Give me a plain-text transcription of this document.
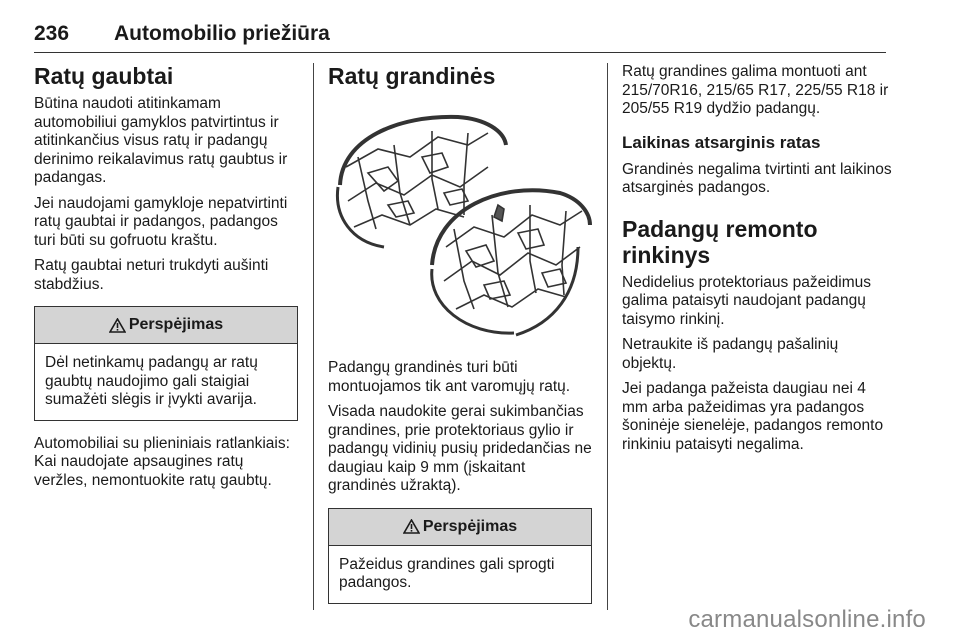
236 Automobilio priežiūra
Ratų gaubtai

Būtina naudoti atitinkamam automobiliui gamyklos patvirtintus ir atitinkančius visus ratų ir padangų derinimo reikalavimus ratų gaubtus ir padangas.

Jei naudojami gamykloje nepatvirtinti ratų gaubtai ir padangos, padangos turi būti su gofruotu kraštu.

Ratų gaubtai neturi trukdyti aušinti stabdžius.

Perspėjimas

Dėl netinkamų padangų ar ratų gaubtų naudojimo gali staigiai sumažėti slėgis ir įvykti avarija.

Automobiliai su plieniniais ratlankiais: Kai naudojate apsaugines ratų veržles, nemontuokite ratų gaubtų.

Ratų grandinės

Padangų grandinės turi būti montuojamos tik ant varomųjų ratų.

Visada naudokite gerai sukimbančias grandines, prie protektoriaus gylio ir padangų vidinių pusių pridedančias ne daugiau kaip 9 mm (įskaitant grandinės užraktą).

Perspėjimas

Pažeidus grandines gali sprogti padangos.

Ratų grandines galima montuoti ant 215/70R16, 215/65 R17, 225/55 R18 ir 205/55 R19 dydžio padangų.

Laikinas atsarginis ratas

Grandinės negalima tvirtinti ant laikinos atsarginės padangos.

Padangų remonto rinkinys

Nedidelius protektoriaus pažeidimus galima pataisyti naudojant padangų taisymo rinkinį.

Netraukite iš padangų pašalinių objektų.

Jei padanga pažeista daugiau nei 4 mm arba pažeidimas yra padangos šoninėje sienelėje, padangos remonto rinkiniu pataisyti negalima.

carmanualsonline.info
